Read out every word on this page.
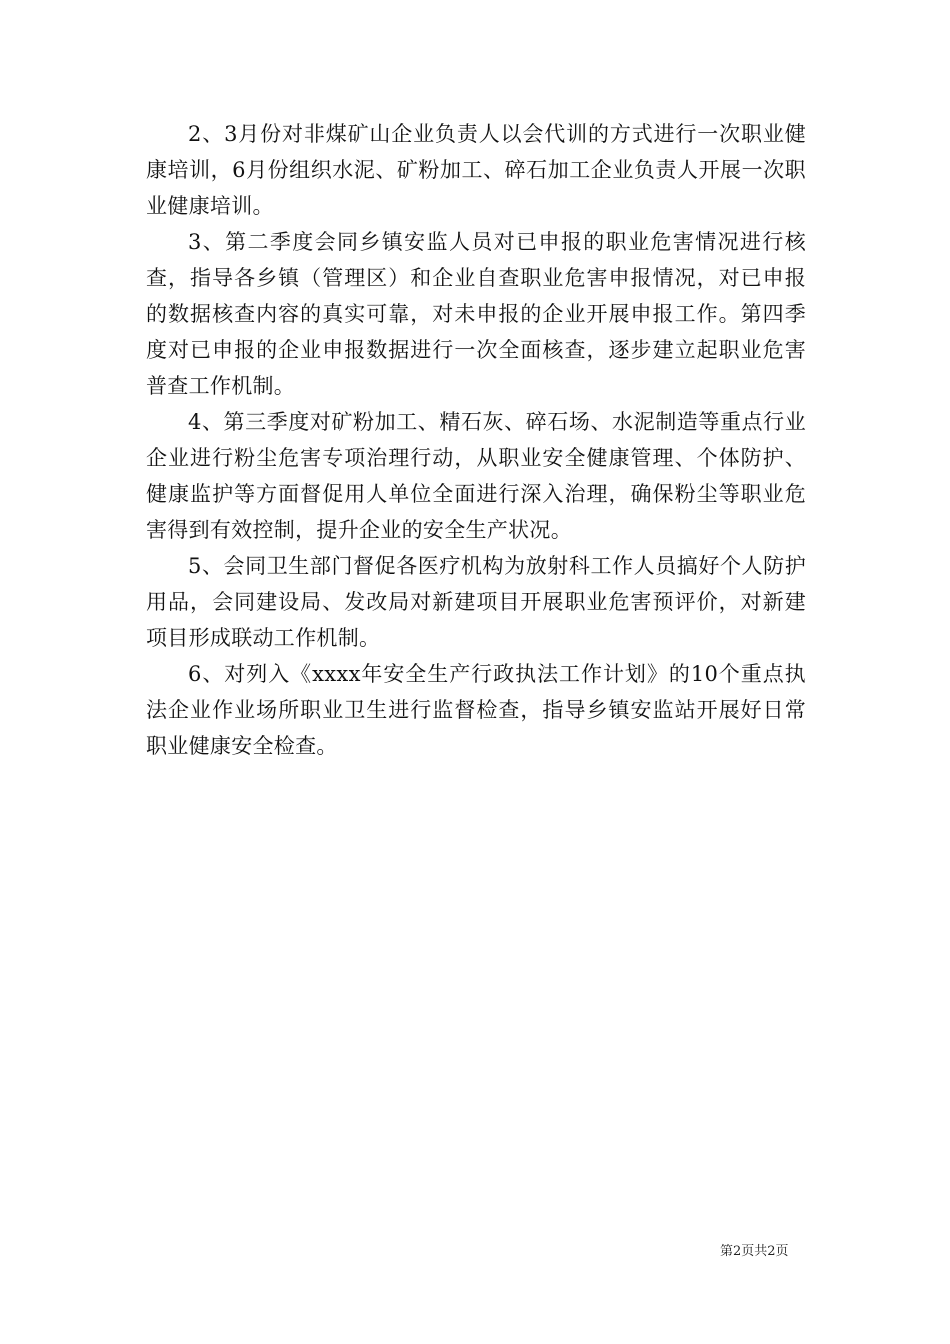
2、3月份对非煤矿山企业负责人以会代训的方式进行一次职业健康培训，6月份组织水泥、矿粉加工、碎石加工企业负责人开展一次职业健康培训。

3、第二季度会同乡镇安监人员对已申报的职业危害情况进行核查，指导各乡镇（管理区）和企业自查职业危害申报情况，对已申报的数据核查内容的真实可靠，对未申报的企业开展申报工作。第四季度对已申报的企业申报数据进行一次全面核查，逐步建立起职业危害普查工作机制。

4、第三季度对矿粉加工、精石灰、碎石场、水泥制造等重点行业企业进行粉尘危害专项治理行动，从职业安全健康管理、个体防护、健康监护等方面督促用人单位全面进行深入治理，确保粉尘等职业危害得到有效控制，提升企业的安全生产状况。

5、会同卫生部门督促各医疗机构为放射科工作人员搞好个人防护用品，会同建设局、发改局对新建项目开展职业危害预评价，对新建项目形成联动工作机制。

6、对列入《xxxx年安全生产行政执法工作计划》的10个重点执法企业作业场所职业卫生进行监督检查，指导乡镇安监站开展好日常职业健康安全检查。

第2页共2页
